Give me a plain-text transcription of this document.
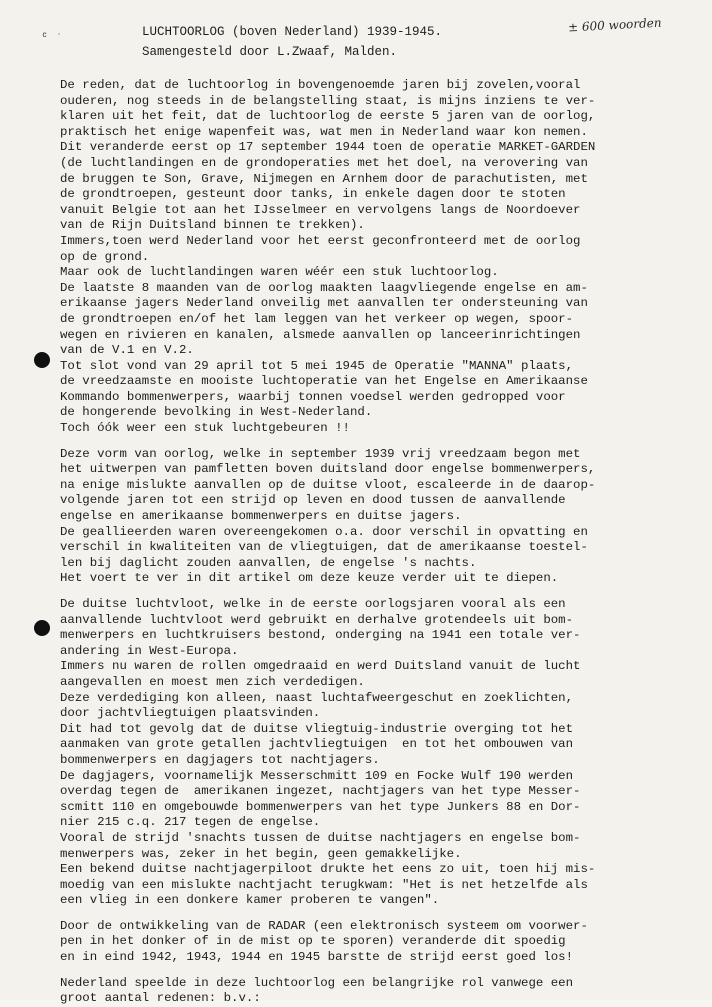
ᶜ ˑ	LUCHTOORLOG (boven Nederland) 1939-1945.
Samengesteld door L.Zwaaf, Malden.
± 600 woorden
De reden, dat de luchtoorlog in bovengenoemde jaren bij zovelen,vooral
ouderen, nog steeds in de belangstelling staat, is mijns inziens te ver-
klaren uit het feit, dat de luchtoorlog de eerste 5 jaren van de oorlog,
praktisch het enige wapenfeit was, wat men in Nederland waar kon nemen.
Dit veranderde eerst op 17 september 1944 toen de operatie MARKET-GARDEN
(de luchtlandingen en de grondoperaties met het doel, na verovering van
de bruggen te Son, Grave, Nijmegen en Arnhem door de parachutisten, met
de grondtroepen, gesteunt door tanks, in enkele dagen door te stoten
vanuit Belgie tot aan het IJsselmeer en vervolgens langs de Noordoever
van de Rijn Duitsland binnen te trekken).
Immers,toen werd Nederland voor het eerst geconfronteerd met de oorlog
op de grond.
Maar ook de luchtlandingen waren wéér een stuk luchtoorlog.
De laatste 8 maanden van de oorlog maakten laagvliegende engelse en am-
erikaanse jagers Nederland onveilig met aanvallen ter ondersteuning van
de grondtroepen en/of het lam leggen van het verkeer op wegen, spoor-
wegen en rivieren en kanalen, alsmede aanvallen op lanceerinrichtingen
van de V.1 en V.2.
Tot slot vond van 29 april tot 5 mei 1945 de Operatie "MANNA" plaats,
de vreedzaamste en mooiste luchtoperatie van het Engelse en Amerikaanse
Kommando bommenwerpers, waarbij tonnen voedsel werden gedropped voor
de hongerende bevolking in West-Nederland.
Toch óók weer een stuk luchtgebeuren !!
Deze vorm van oorlog, welke in september 1939 vrij vreedzaam begon met
het uitwerpen van pamfletten boven duitsland door engelse bommenwerpers,
na enige mislukte aanvallen op de duitse vloot, escaleerde in de daarop-
volgende jaren tot een strijd op leven en dood tussen de aanvallende
engelse en amerikaanse bommenwerpers en duitse jagers.
De geallieerden waren overeengekomen o.a. door verschil in opvatting en
verschil in kwaliteiten van de vliegtuigen, dat de amerikaanse toestel-
len bij daglicht zouden aanvallen, de engelse 's nachts.
Het voert te ver in dit artikel om deze keuze verder uit te diepen.
De duitse luchtvloot, welke in de eerste oorlogsjaren vooral als een
aanvallende luchtvloot werd gebruikt en derhalve grotendeels uit bom-
menwerpers en luchtkruisers bestond, onderging na 1941 een totale ver-
andering in West-Europa.
Immers nu waren de rollen omgedraaid en werd Duitsland vanuit de lucht
aangevallen en moest men zich verdedigen.
Deze verdediging kon alleen, naast luchtafweergeschut en zoeklichten,
door jachtvliegtuigen plaatsvinden.
Dit had tot gevolg dat de duitse vliegtuig-industrie overging tot het
aanmaken van grote getallen jachtvliegtuigen  en tot het ombouwen van
bommenwerpers en dagjagers tot nachtjagers.
De dagjagers, voornamelijk Messerschmitt 109 en Focke Wulf 190 werden
overdag tegen de  amerikanen ingezet, nachtjagers van het type Messer-
scmitt 110 en omgebouwde bommenwerpers van het type Junkers 88 en Dor-
nier 215 c.q. 217 tegen de engelse.
Vooral de strijd 'snachts tussen de duitse nachtjagers en engelse bom-
menwerpers was, zeker in het begin, geen gemakkelijke.
Een bekend duitse nachtjagerpiloot drukte het eens zo uit, toen hij mis-
moedig van een mislukte nachtjacht terugkwam: "Het is net hetzelfde als
een vlieg in een donkere kamer proberen te vangen".
Door de ontwikkeling van de RADAR (een elektronisch systeem om voorwer-
pen in het donker of in de mist op te sporen) veranderde dit spoedig
en in eind 1942, 1943, 1944 en 1945 barstte de strijd eerst goed los!
Nederland speelde in deze luchtoorlog een belangrijke rol vanwege een
groot aantal redenen: b.v.:
